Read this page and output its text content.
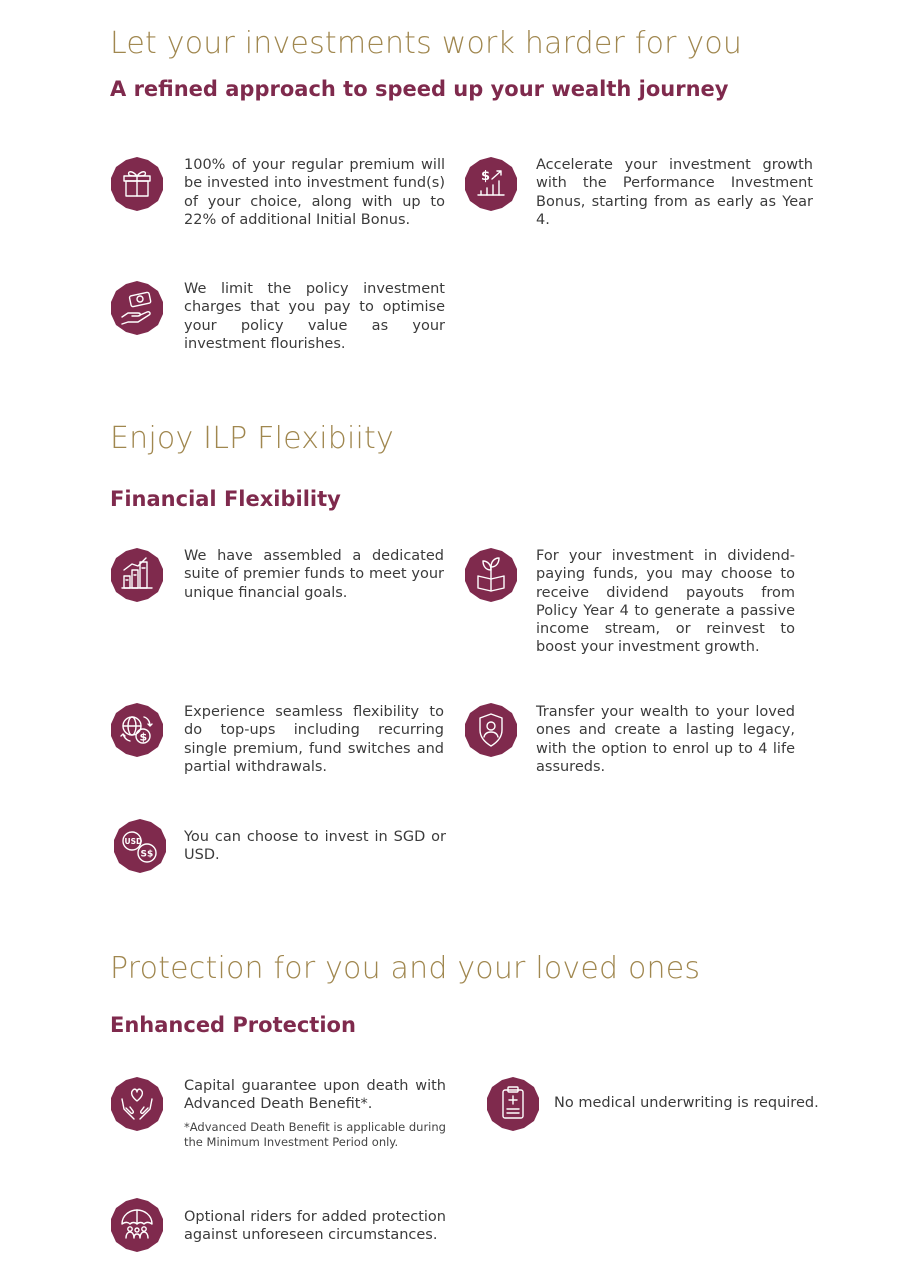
Let your investments work harder for you
A refined approach to speed up your wealth journey

100% of your regular premium will be invested into investment fund(s) of your choice, along with up to 22% of additional Initial Bonus.

$

Accelerate your investment growth with the Performance Investment Bonus, starting from as early as Year 4.

We limit the policy investment charges that you pay to optimise your policy value as your investment flourishes.

Enjoy ILP Flexibiity
Financial Flexibility

We have assembled a dedicated suite of premier funds to meet your unique financial goals.

For your investment in dividend-paying funds, you may choose to receive dividend payouts from Policy Year 4 to generate a passive income stream, or reinvest to boost your investment growth.

$

Experience seamless flexibility to do top-ups including recurring single premium, fund switches and partial withdrawals.

Transfer your wealth to your loved ones and create a lasting legacy, with the option to enrol up to 4 life assureds.

USD
S$

You can choose to invest in SGD or USD.

Protection for you and your loved ones
Enhanced Protection

Capital guarantee upon death with Advanced Death Benefit*.

*Advanced Death Benefit is applicable during the Minimum Investment Period only.

No medical underwriting is required.

Optional riders for added protection against unforeseen circumstances.
